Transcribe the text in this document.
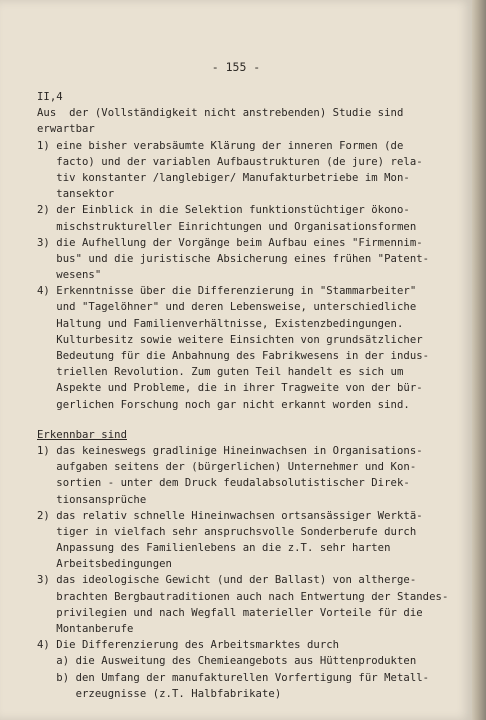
- 155 -
II,4
Aus  der (Vollständigkeit nicht anstrebenden) Studie sind
erwartbar
1) eine bisher verabsäumte Klärung der inneren Formen (de
facto) und der variablen Aufbaustrukturen (de jure) rela-
tiv konstanter /langlebiger/ Manufakturbetriebe im Mon-
tansektor
2) der Einblick in die Selektion funktionstüchtiger ökono-
mischstruktureller Einrichtungen und Organisationsformen
3) die Aufhellung der Vorgänge beim Aufbau eines "Firmennim-
bus" und die juristische Absicherung eines frühen "Patent-
wesens"
4) Erkenntnisse über die Differenzierung in "Stammarbeiter"
und "Tagelöhner" und deren Lebensweise, unterschiedliche
Haltung und Familienverhältnisse, Existenzbedingungen.
Kulturbesitz sowie weitere Einsichten von grundsätzlicher
Bedeutung für die Anbahnung des Fabrikwesens in der indus-
triellen Revolution. Zum guten Teil handelt es sich um
Aspekte und Probleme, die in ihrer Tragweite von der bür-
gerlichen Forschung noch gar nicht erkannt worden sind.
Erkennbar sind
1) das keineswegs gradlinige Hineinwachsen in Organisations-
aufgaben seitens der (bürgerlichen) Unternehmer und Kon-
sortien - unter dem Druck feudalabsolutistischer Direk-
tionsansprüche
2) das relativ schnelle Hineinwachsen ortsansässiger Werktä-
tiger in vielfach sehr anspruchsvolle Sonderberufe durch
Anpassung des Familienlebens an die z.T. sehr harten
Arbeitsbedingungen
3) das ideologische Gewicht (und der Ballast) von altherge-
brachten Bergbautraditionen auch nach Entwertung der Standes-
privilegien und nach Wegfall materieller Vorteile für die
Montanberufe
4) Die Differenzierung des Arbeitsmarktes durch
a) die Ausweitung des Chemieangebots aus Hüttenprodukten
b) den Umfang der manufakturellen Vorfertigung für Metall-
erzeugnisse (z.T. Halbfabrikate)
